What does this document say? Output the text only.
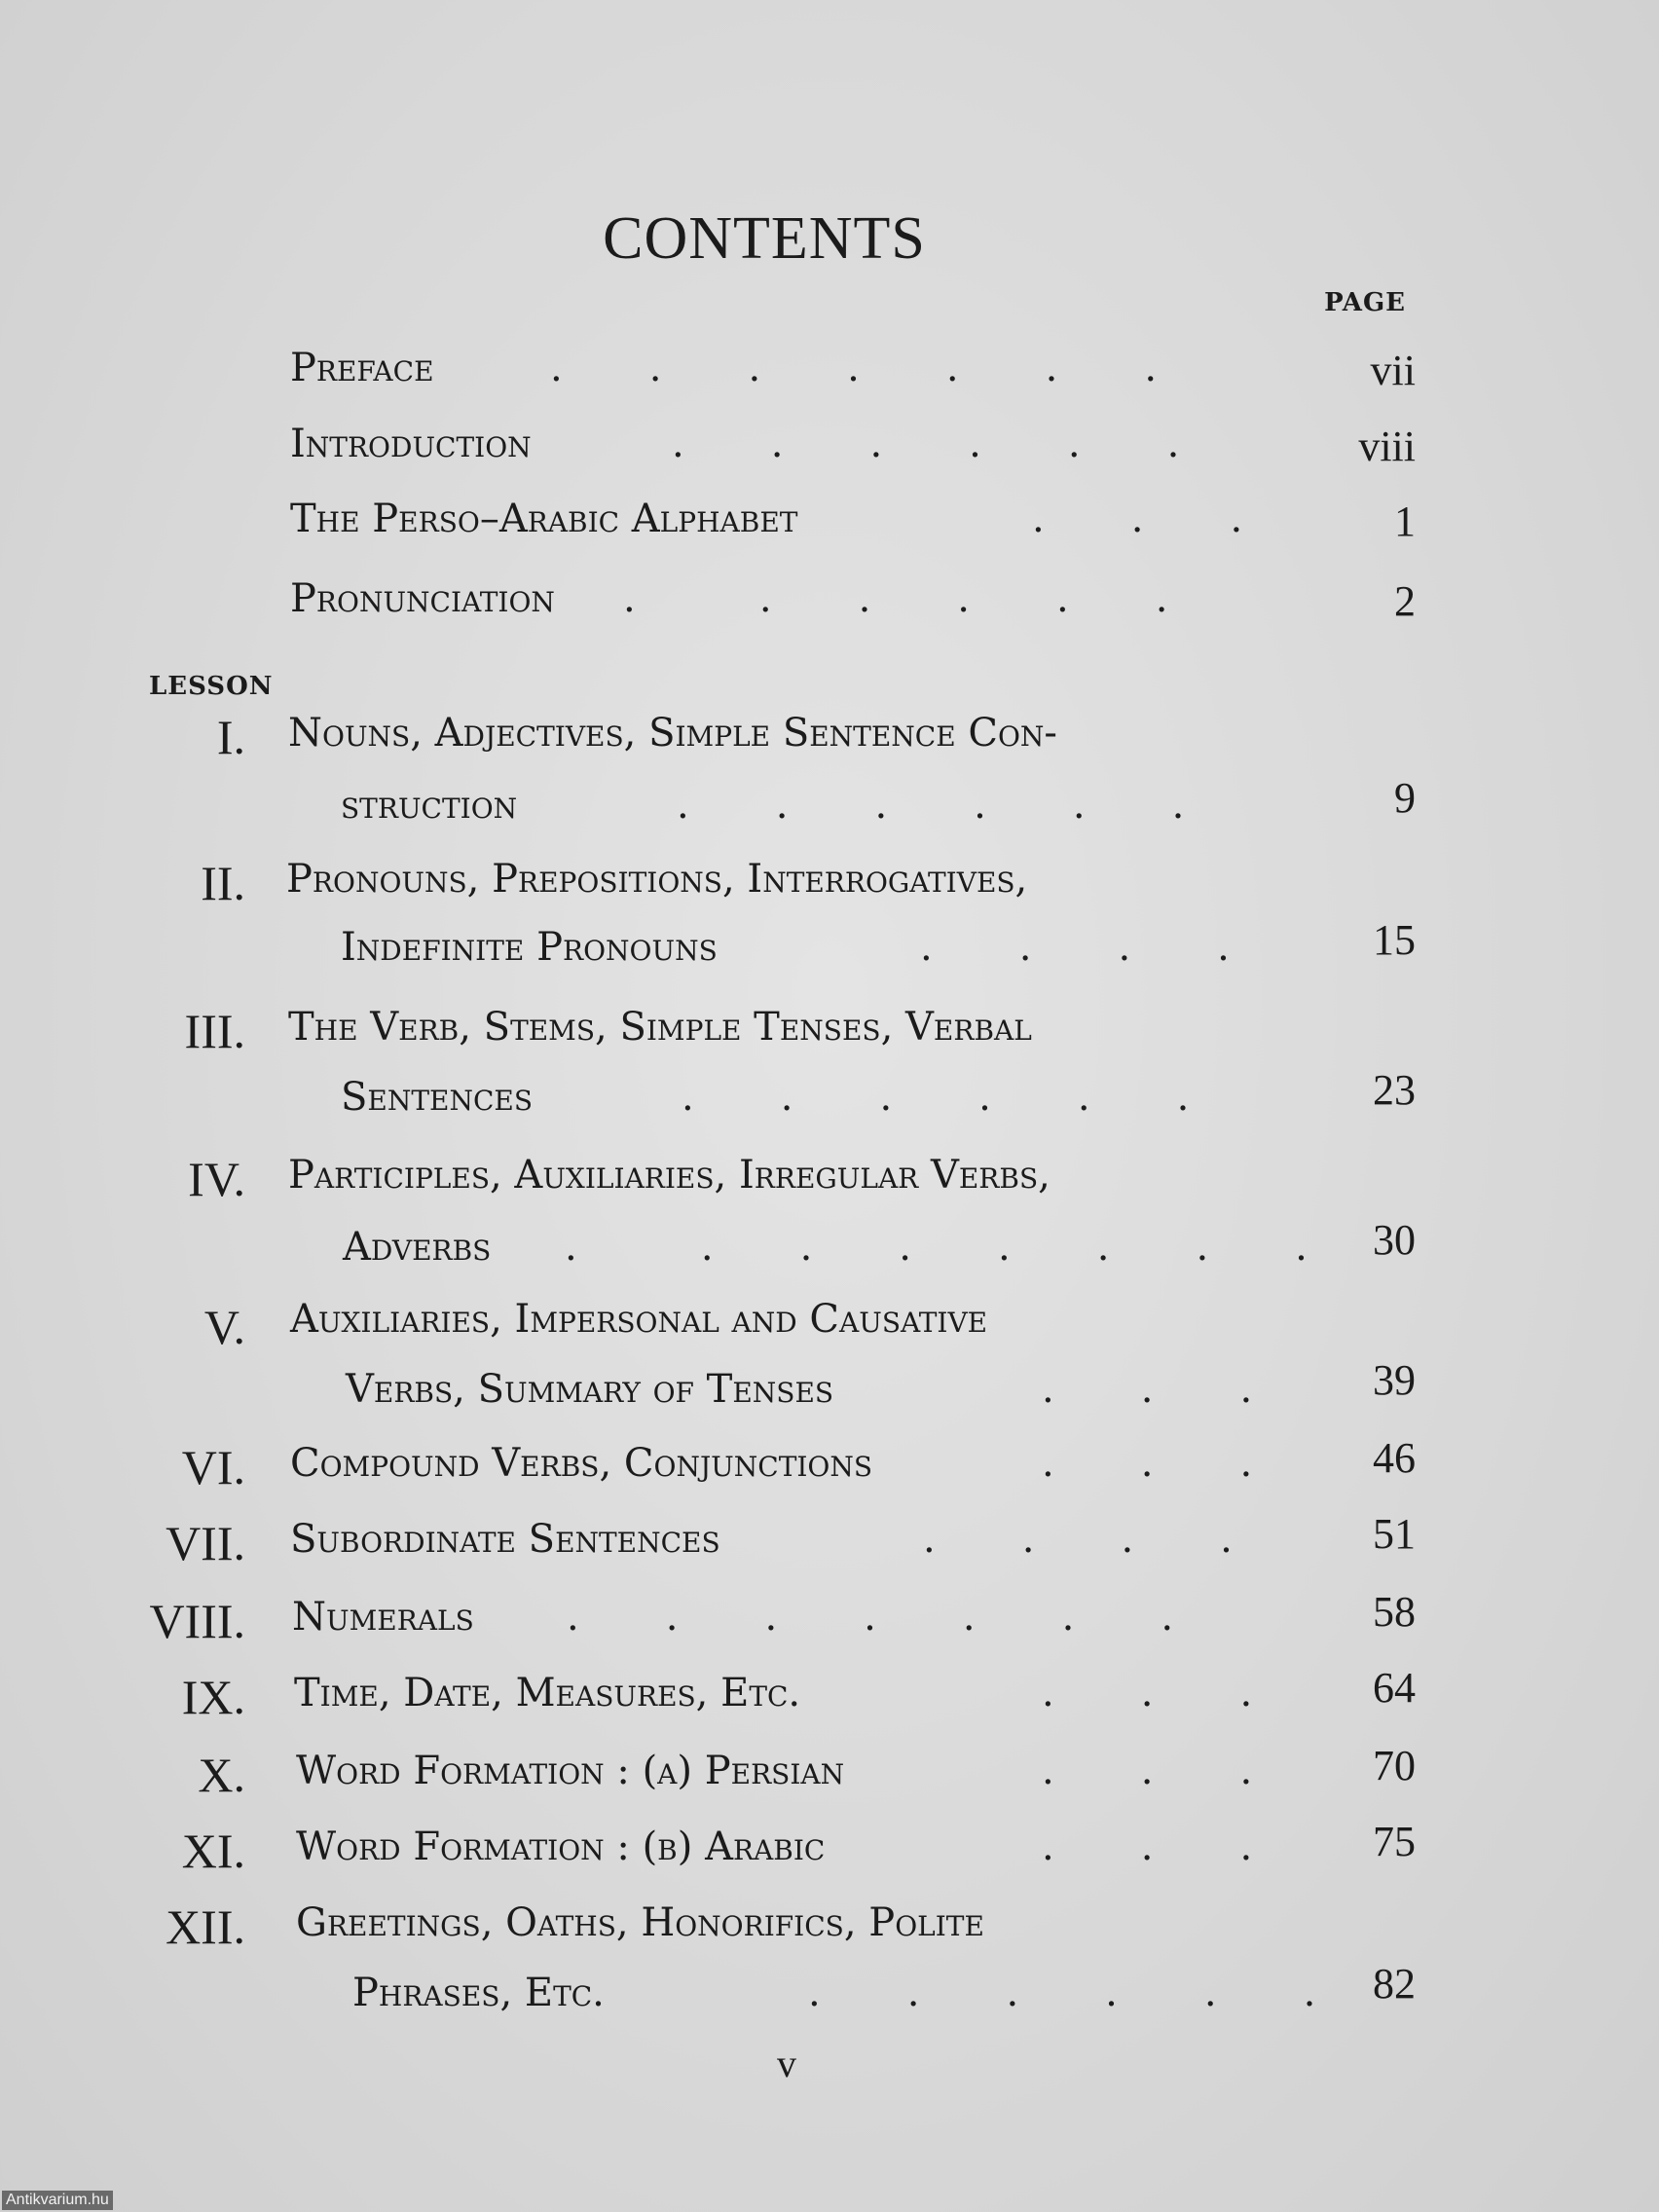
CONTENTS
PAGE
Preface	.       .       .       .       .       .       .	vii
Introduction	.       .       .       .       .       .	viii
The Perso–Arabic Alphabet	.       .       .	1
Pronunciation .          .       .       .       .       .	2
LESSON
I. Nouns, Adjectives, Simple Sentence Con-
struction	.       .       .       .       .       .	9
II. Pronouns, Prepositions, Interrogatives,
Indefinite Pronouns	.       .       .       .	15
III. The Verb, Stems, Simple Tenses, Verbal
Sentences	.       .       .       .       .       .	23
IV. Participles, Auxiliaries, Irregular Verbs,
Adverbs .          .       .       .       .       .       .       . 30
V. Auxiliaries, Impersonal and Causative
Verbs, Summary of Tenses	.       .       .	39
VI. Compound Verbs, Conjunctions	.       .       .	46
VII. Subordinate Sentences	.       .       .       .	51
VIII. Numerals .       .       .       .       .       .       .	58
IX. Time, Date, Measures, Etc.	.       .       .	64
X. Word Formation : (a) Persian	.       .       .	70
XI. Word Formation : (b) Arabic	.       .       .	75
XII. Greetings, Oaths, Honorifics, Polite
Phrases, Etc.	.       .       .       .       .       . 82
v
Antikvarium.hu
